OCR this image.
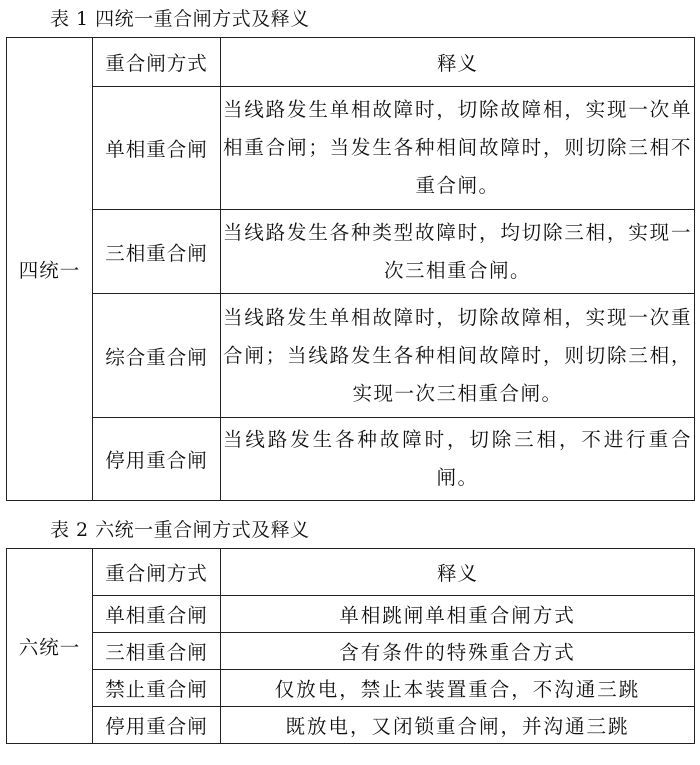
表 1 四统一重合闸方式及释义
四统一	重合闸方式	释义
	单相重合闸	当线路发生单相故障时，切除故障相，实现一次单相重合闸；当发生各种相间故障时，则切除三相不重合闸。
	三相重合闸	当线路发生各种类型故障时，均切除三相，实现一次三相重合闸。
	综合重合闸	当线路发生单相故障时，切除故障相，实现一次重合闸；当线路发生各种相间故障时，则切除三相，实现一次三相重合闸。
	停用重合闸	当线路发生各种故障时，切除三相，不进行重合闸。
表 2 六统一重合闸方式及释义
六统一	重合闸方式	释义
	单相重合闸	单相跳闸单相重合闸方式
	三相重合闸	含有条件的特殊重合方式
	禁止重合闸	仅放电，禁止本装置重合，不沟通三跳
	停用重合闸	既放电，又闭锁重合闸，并沟通三跳
